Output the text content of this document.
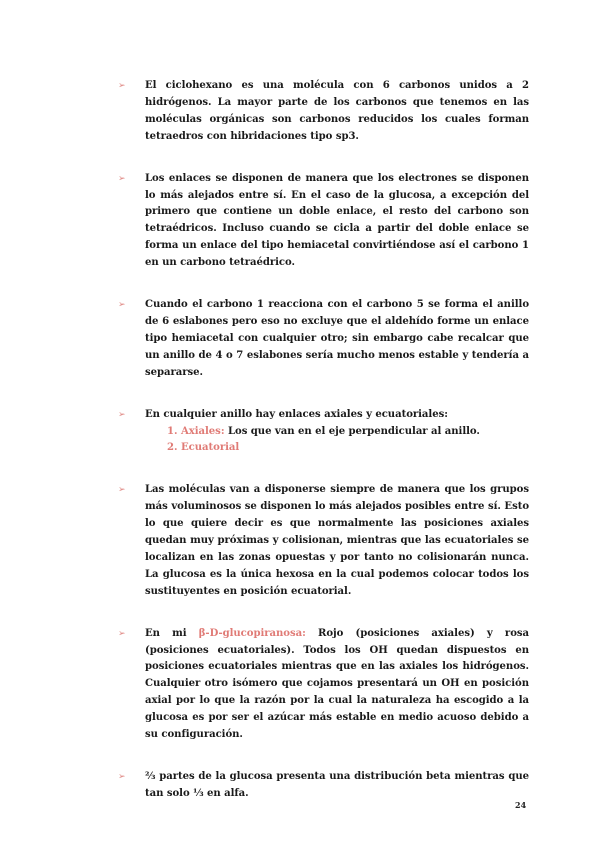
➢ El ciclohexano es una molécula con 6 carbonos unidos a 2 hidrógenos. La mayor parte de los carbonos que tenemos en las moléculas orgánicas son carbonos reducidos los cuales forman tetraedros con hibridaciones tipo sp3.
➢ Los enlaces se disponen de manera que los electrones se disponen lo más alejados entre sí. En el caso de la glucosa, a excepción del primero que contiene un doble enlace, el resto del carbono son tetraédricos. Incluso cuando se cicla a partir del doble enlace se forma un enlace del tipo hemiacetal convirtiéndose así el carbono 1 en un carbono tetraédrico.
➢ Cuando el carbono 1 reacciona con el carbono 5 se forma el anillo de 6 eslabones pero eso no excluye que el aldehído forme un enlace tipo hemiacetal con cualquier otro; sin embargo cabe recalcar que un anillo de 4 o 7 eslabones sería mucho menos estable y tendería a separarse.
➢ En cualquier anillo hay enlaces axiales y ecuatoriales:
1. Axiales: Los que van en el eje perpendicular al anillo.
2. Ecuatorial
➢ Las moléculas van a disponerse siempre de manera que los grupos más voluminosos se disponen lo más alejados posibles entre sí. Esto lo que quiere decir es que normalmente las posiciones axiales quedan muy próximas y colisionan, mientras que las ecuatoriales se localizan en las zonas opuestas y por tanto no colisionarán nunca. La glucosa es la única hexosa en la cual podemos colocar todos los sustituyentes en posición ecuatorial.
➢ En mi β-D-glucopiranosa: Rojo (posiciones axiales) y rosa (posiciones ecuatoriales). Todos los OH quedan dispuestos en posiciones ecuatoriales mientras que en las axiales los hidrógenos. Cualquier otro isómero que cojamos presentará un OH en posición axial por lo que la razón por la cual la naturaleza ha escogido a la glucosa es por ser el azúcar más estable en medio acuoso debido a su configuración.
➢ ⅔ partes de la glucosa presenta una distribución beta mientras que tan solo ⅓ en alfa.
24
